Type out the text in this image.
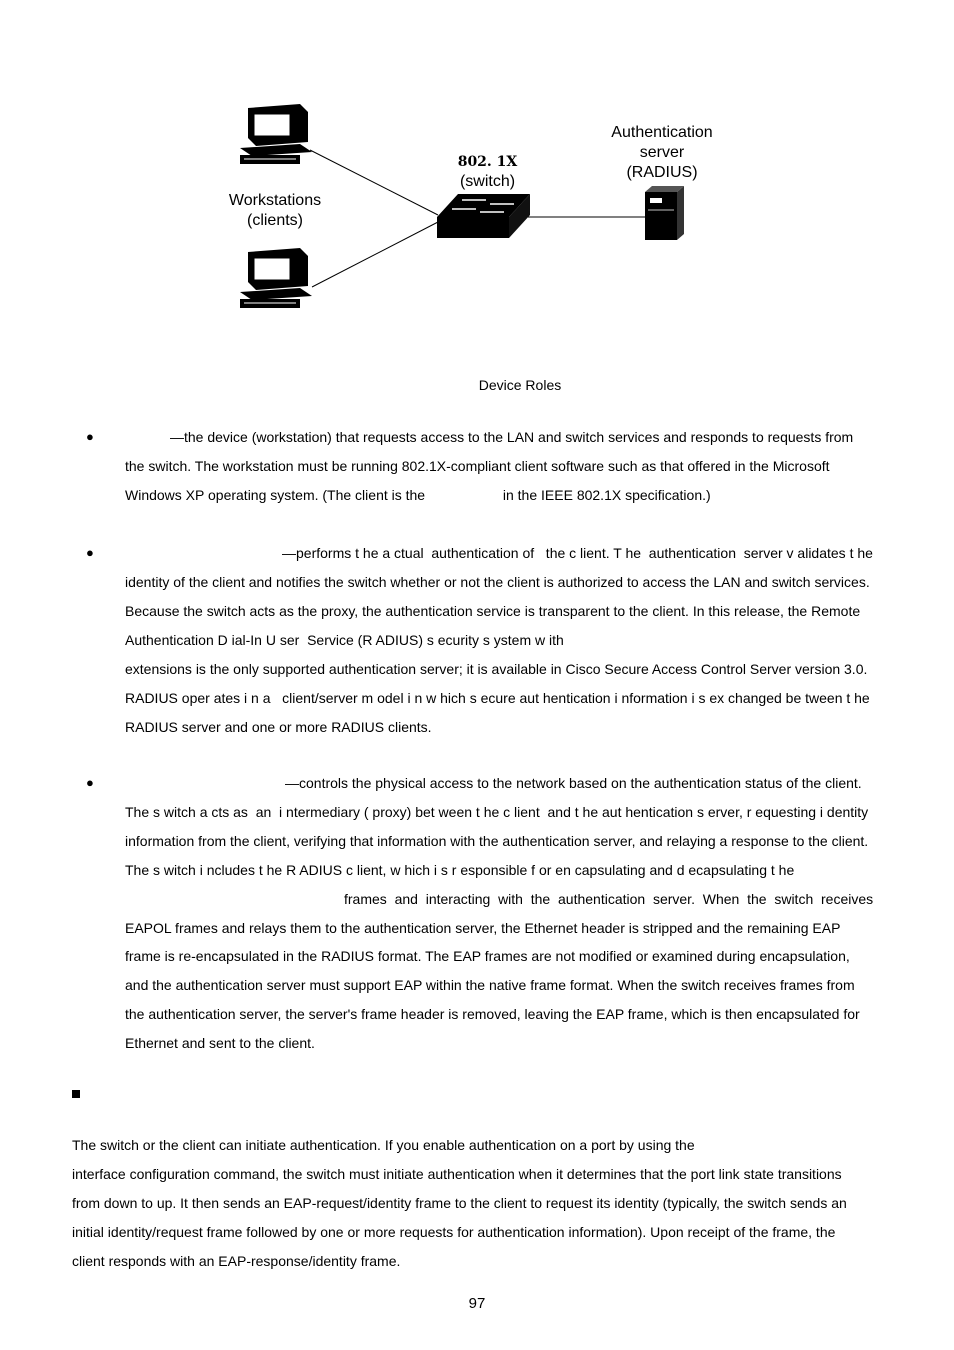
Authentication
server
(RADIUS)
802. 1X
(switch)
Workstations
(clients)
Device Roles
●	—the device (workstation) that requests access to the LAN and switch services and responds to requests from
the switch. The workstation must be running 802.1X-compliant client software such as that offered in the Microsoft
Windows XP operating system. (The client is the                    in the IEEE 802.1X specification.)
●	—performs t he a ctual  authentication of   the c lient. T he  authentication  server v alidates t he
identity of the client and notifies the switch whether or not the client is authorized to access the LAN and switch services.
Because the switch acts as the proxy, the authentication service is transparent to the client. In this release, the Remote
Authentication D ial-In U ser  Service (R ADIUS) s ecurity s ystem w ith
extensions is the only supported authentication server; it is available in Cisco Secure Access Control Server version 3.0.
RADIUS oper ates i n a   client/server m odel i n w hich s ecure aut hentication i nformation i s ex changed be tween t he
RADIUS server and one or more RADIUS clients.
●	—controls the physical access to the network based on the authentication status of the client.
The s witch a cts as  an  i ntermediary ( proxy) bet ween t he c lient  and t he aut hentication s erver, r equesting i dentity
information from the client, verifying that information with the authentication server, and relaying a response to the client.
The s witch i ncludes t he R ADIUS c lient, w hich i s r esponsible f or en capsulating and d ecapsulating t he
frames  and  interacting  with  the  authentication  server.  When  the  switch  receives
EAPOL frames and relays them to the authentication server, the Ethernet header is stripped and the remaining EAP
frame is re-encapsulated in the RADIUS format. The EAP frames are not modified or examined during encapsulation,
and the authentication server must support EAP within the native frame format. When the switch receives frames from
the authentication server, the server's frame header is removed, leaving the EAP frame, which is then encapsulated for
Ethernet and sent to the client.
The switch or the client can initiate authentication. If you enable authentication on a port by using the
interface configuration command, the switch must initiate authentication when it determines that the port link state transitions
from down to up. It then sends an EAP-request/identity frame to the client to request its identity (typically, the switch sends an
initial identity/request frame followed by one or more requests for authentication information). Upon receipt of the frame, the
client responds with an EAP-response/identity frame.
97
